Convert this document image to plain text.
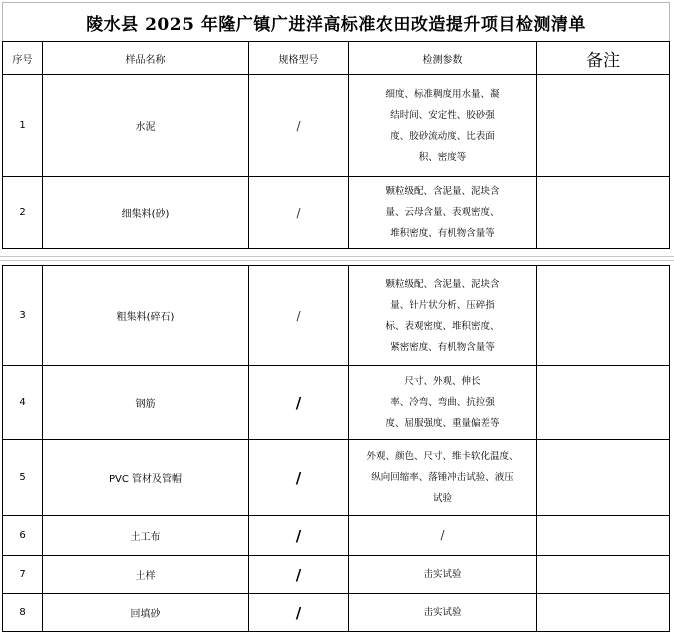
陵水县 2025 年隆广镇广进洋高标准农田改造提升项目检测清单				
序号	样品名称	规格型号	检测参数	备注
1	水泥	/	细度、标准稠度用水量、凝
结时间、安定性、胶砂强
度、胶砂流动度、比表面
积、密度等	

2	细集料(砂)	/	颗粒级配、含泥量、泥块含
量、云母含量、表观密度、
堆积密度、有机物含量等	

3	粗集料(碎石)	/	颗粒级配、含泥量、泥块含
量、针片状分析、压碎指
标、表观密度、堆积密度、
紧密密度、有机物含量等	

4	钢筋	/	尺寸、外观、伸长
率、冷弯、弯曲、抗拉强
度、屈服强度、重量偏差等	

5	PVC 管材及管帽	/	外观、颜色、尺寸、维卡软化温度、
纵向回缩率、落锤冲击试验、液压
试验	

6	土工布	/	/	

7	土样	/	击实试验	

8	回填砂	/	击实试验	
